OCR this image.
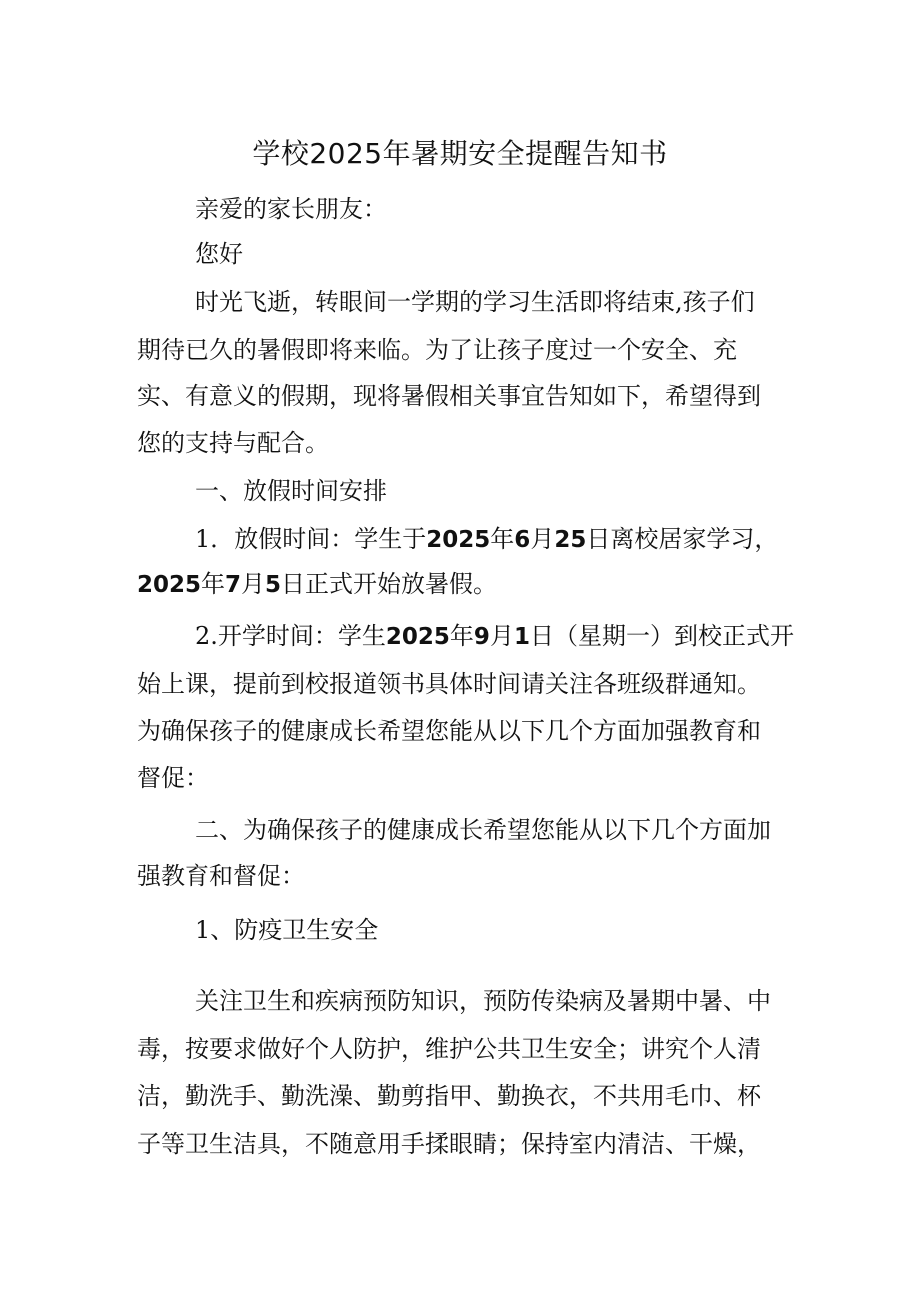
学校2025年暑期安全提醒告知书

亲爱的家长朋友：

您好

时光飞逝，转眼间一学期的学习生活即将结束,孩子们

期待已久的暑假即将来临。为了让孩子度过一个安全、充

实、有意义的假期，现将暑假相关事宜告知如下，希望得到

您的支持与配合。

一、放假时间安排

1．放假时间：学生于2025年6月25日离校居家学习，

2025年7月5日正式开始放暑假。

2.开学时间：学生2025年9月1日（星期一）到校正式开

始上课，提前到校报道领书具体时间请关注各班级群通知。

为确保孩子的健康成长希望您能从以下几个方面加强教育和

督促：

二、为确保孩子的健康成长希望您能从以下几个方面加

强教育和督促：

1、防疫卫生安全

关注卫生和疾病预防知识，预防传染病及暑期中暑、中

毒，按要求做好个人防护，维护公共卫生安全；讲究个人清

洁，勤洗手、勤洗澡、勤剪指甲、勤换衣，不共用毛巾、杯

子等卫生洁具，不随意用手揉眼睛；保持室内清洁、干燥，
